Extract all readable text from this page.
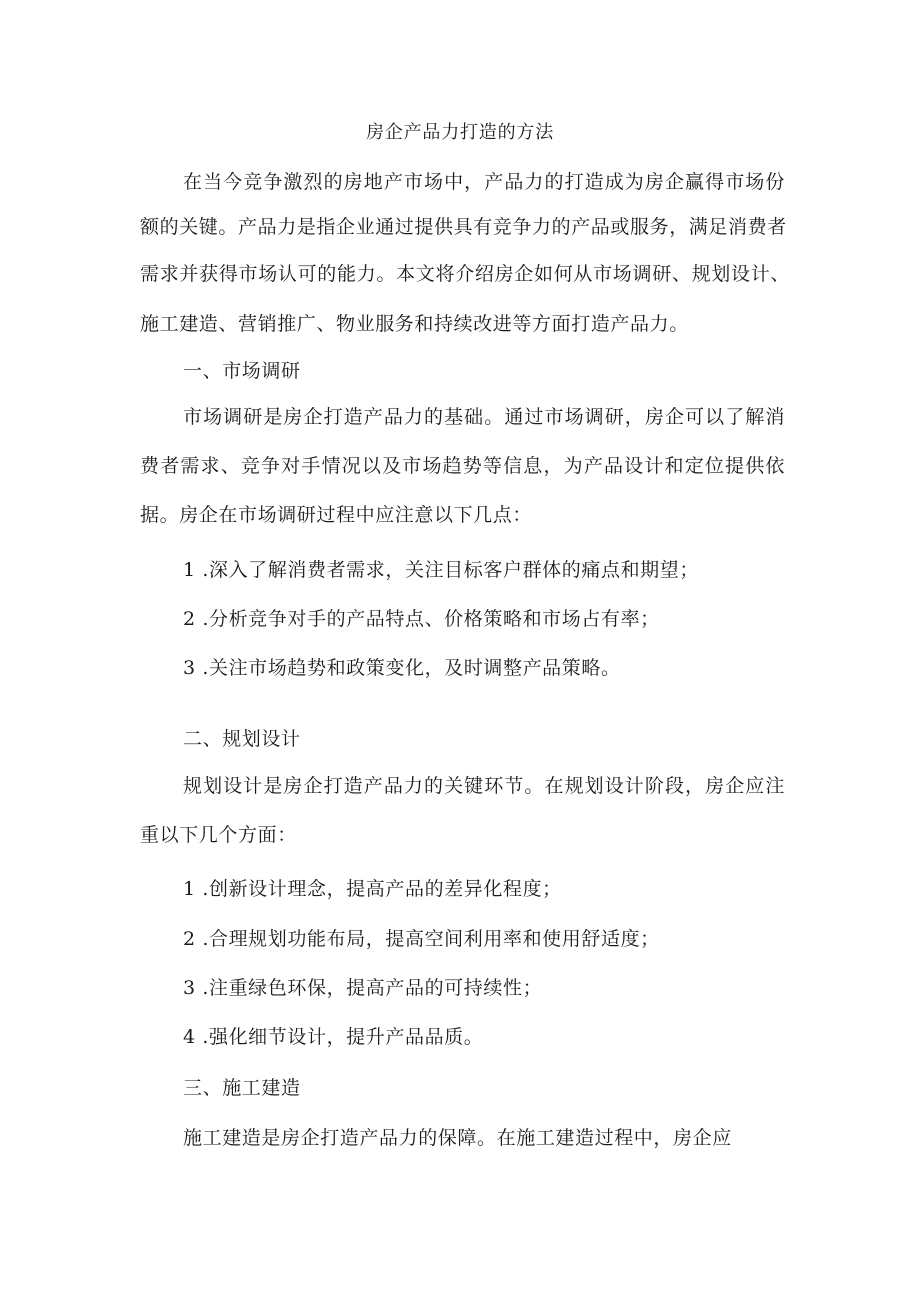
房企产品力打造的方法
在当今竞争激烈的房地产市场中，产品力的打造成为房企赢得市场份
额的关键。产品力是指企业通过提供具有竞争力的产品或服务，满足消费者
需求并获得市场认可的能力。本文将介绍房企如何从市场调研、规划设计、
施工建造、营销推广、物业服务和持续改进等方面打造产品力。
一、市场调研
市场调研是房企打造产品力的基础。通过市场调研，房企可以了解消
费者需求、竞争对手情况以及市场趋势等信息，为产品设计和定位提供依
据。房企在市场调研过程中应注意以下几点：
1 .深入了解消费者需求，关注目标客户群体的痛点和期望；
2 .分析竞争对手的产品特点、价格策略和市场占有率；
3 .关注市场趋势和政策变化，及时调整产品策略。
二、规划设计
规划设计是房企打造产品力的关键环节。在规划设计阶段，房企应注
重以下几个方面：
1 .创新设计理念，提高产品的差异化程度；
2 .合理规划功能布局，提高空间利用率和使用舒适度；
3 .注重绿色环保，提高产品的可持续性；
4 .强化细节设计，提升产品品质。
三、施工建造
施工建造是房企打造产品力的保障。在施工建造过程中，房企应
